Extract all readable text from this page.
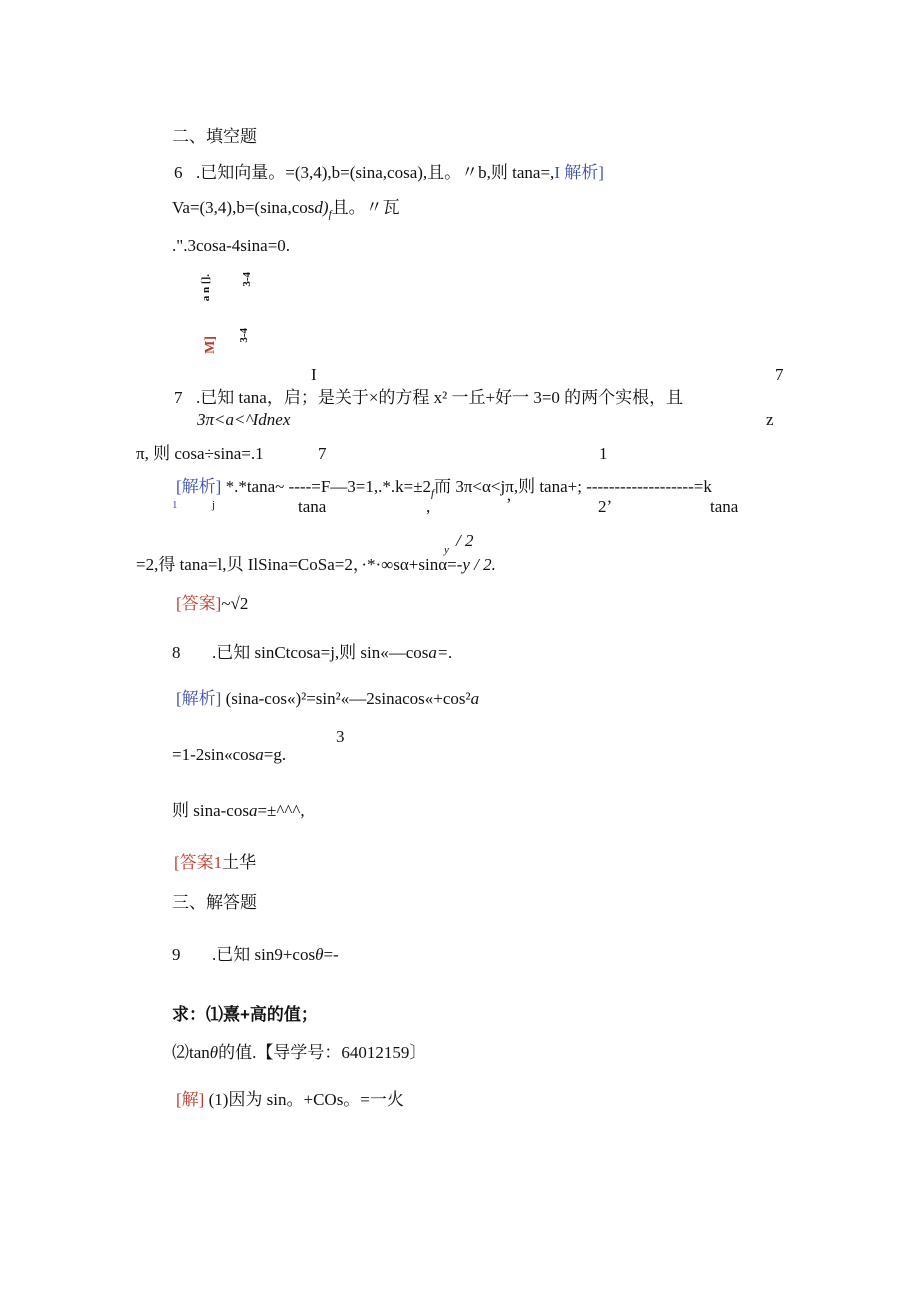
二、填空题
6 .已知向量。=(3,4),b=(sina,cosa),且。〃b,则 tana=,I 解析]
$Va=(3,4),b=(\sin a,\cos d)_f$且。〃瓦
.".3cosa-4sina=0.
a n [].	3-4
M]
3-4
I	7
7 .已知 tana，启；是关于×的方程 x² 一丘+好一 3=0 的两个实根，且
3π<a<^Idnex	z
π, 则 cosa÷sina=.1	7	1
[解析] *.*tana~ $----=F—3=1,.*.k=\pm 2_f$而 3π<α<jπ,则 tana+; -------------------=k
1	j	tana	,	ʼ	2ʼ	tana
y / 2
=2,得 tana=l,贝 IlSina=CoSa=2，·*·∞sα+sinα=-y / 2.
[答案]~√2
8 .已知 sinCtcosa=j,则 sin«—cosa=.
[解析] (sina-cos«)²=sin²«—2sinacos«+cos²a
3
=1-2sin«cosa=g.
则 sina-cosa=±^^^,
[答案1土华
三、解答题
9 .已知 sin9+cosθ=-
求：⑴熹+高的值；
⑵tanθ的值.【导学号：64012159〕
[解] (1)因为 sin。+COs。=一火
